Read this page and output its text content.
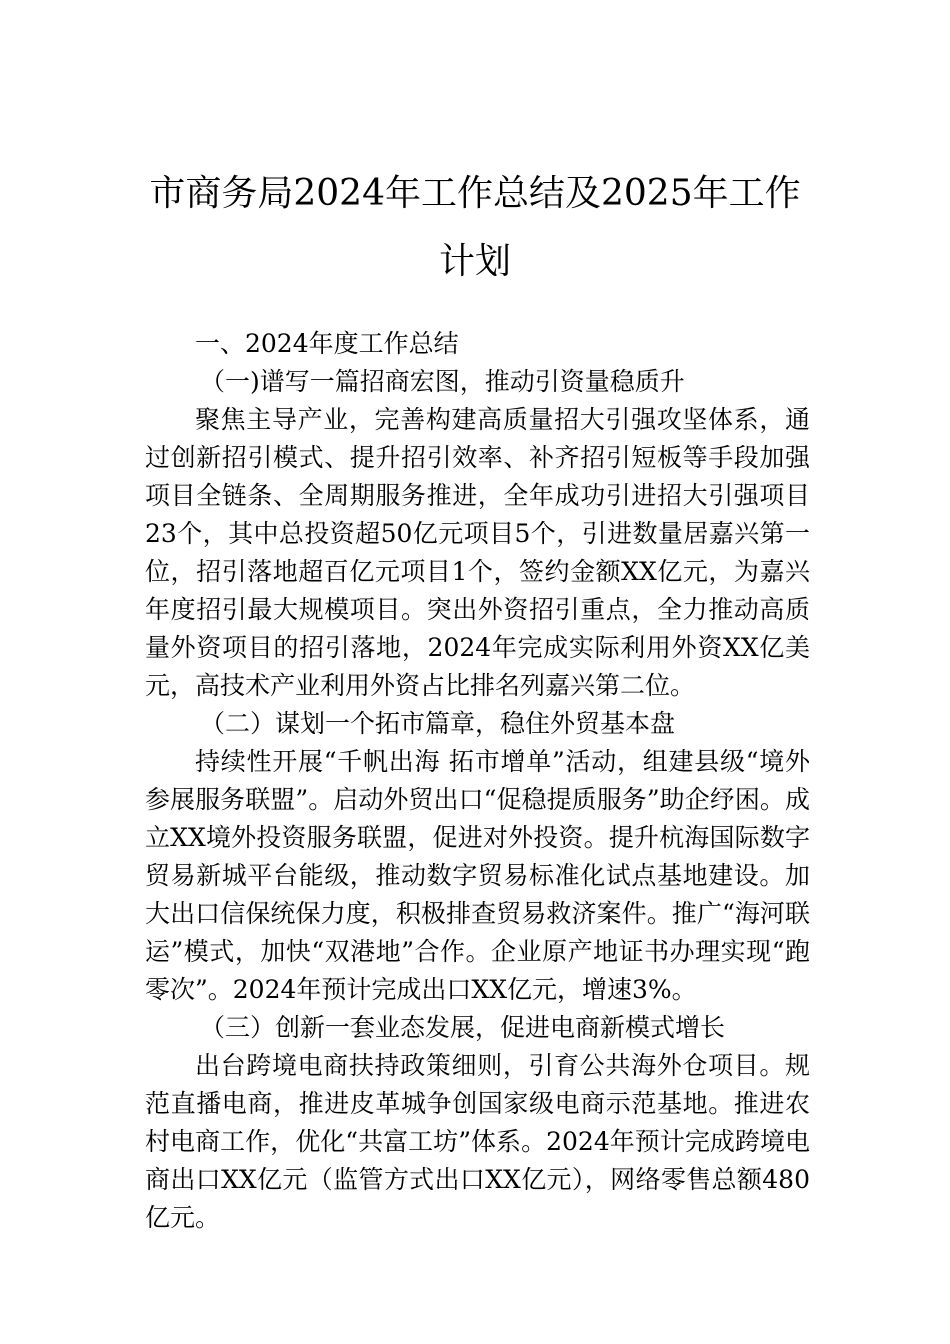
市商务局2024年工作总结及2025年工作计划

一、2024年度工作总结

（一)谱写一篇招商宏图，推动引资量稳质升

聚焦主导产业，完善构建高质量招大引强攻坚体系，通过创新招引模式、提升招引效率、补齐招引短板等手段加强项目全链条、全周期服务推进，全年成功引进招大引强项目23个，其中总投资超50亿元项目5个，引进数量居嘉兴第一位，招引落地超百亿元项目1个，签约金额XX亿元，为嘉兴年度招引最大规模项目。突出外资招引重点，全力推动高质量外资项目的招引落地，2024年完成实际利用外资XX亿美元，高技术产业利用外资占比排名列嘉兴第二位。

（二）谋划一个拓市篇章，稳住外贸基本盘

持续性开展“千帆出海 拓市增单”活动，组建县级“境外参展服务联盟”。启动外贸出口“促稳提质服务”助企纾困。成立XX境外投资服务联盟，促进对外投资。提升杭海国际数字贸易新城平台能级，推动数字贸易标准化试点基地建设。加大出口信保统保力度，积极排查贸易救济案件。推广“海河联运”模式，加快“双港地”合作。企业原产地证书办理实现“跑零次”。2024年预计完成出口XX亿元，增速3%。

（三）创新一套业态发展，促进电商新模式增长

出台跨境电商扶持政策细则，引育公共海外仓项目。规范直播电商，推进皮革城争创国家级电商示范基地。推进农村电商工作，优化“共富工坊”体系。2024年预计完成跨境电商出口XX亿元（监管方式出口XX亿元），网络零售总额480亿元。
